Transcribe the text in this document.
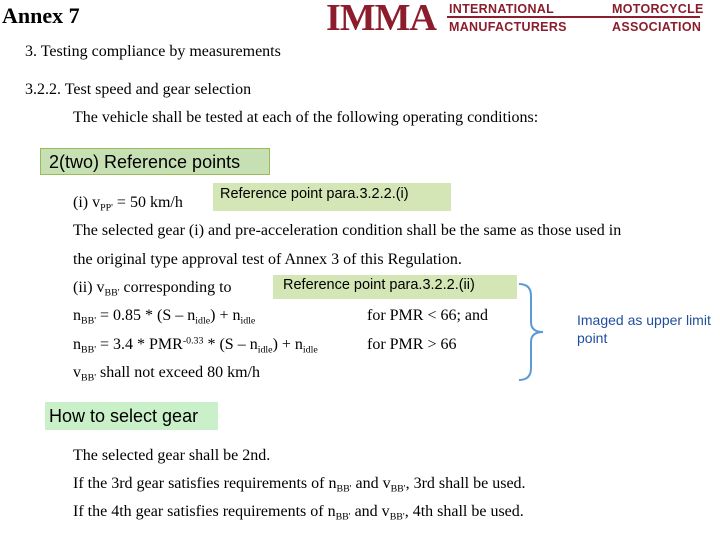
Annex 7	IMMA INTERNATIONAL	MOTORCYCLE
MANUFACTURERS	ASSOCIATION
3. Testing compliance by measurements
3.2.2. Test speed and gear selection
The vehicle shall be tested at each of the following operating conditions:
2(two) Reference points
(i) $v_{PP'} = 50$ km/h	Reference point para.3.2.2.(i)
The selected gear (i) and pre-acceleration condition shall be the same as those used in
the original type approval test of Annex 3 of this Regulation.
(ii) $v_{BB'}$ corresponding to	Reference point para.3.2.2.(ii)
$n_{BB'} = 0.85 * (S - n_{idle}) + n_{idle}$	for PMR < 66; and
$n_{BB'} = 3.4 * PMR^{-0.33} * (S - n_{idle}) + n_{idle}$	for PMR > 66
$v_{BB'}$ shall not exceed 80 km/h
Imaged as upper limit point
How to select gear
The selected gear shall be 2nd.
If the 3rd gear satisfies requirements of $n_{BB'}$ and $v_{BB'}$, 3rd shall be used.
If the 4th gear satisfies requirements of $n_{BB'}$ and $v_{BB'}$, 4th shall be used.
